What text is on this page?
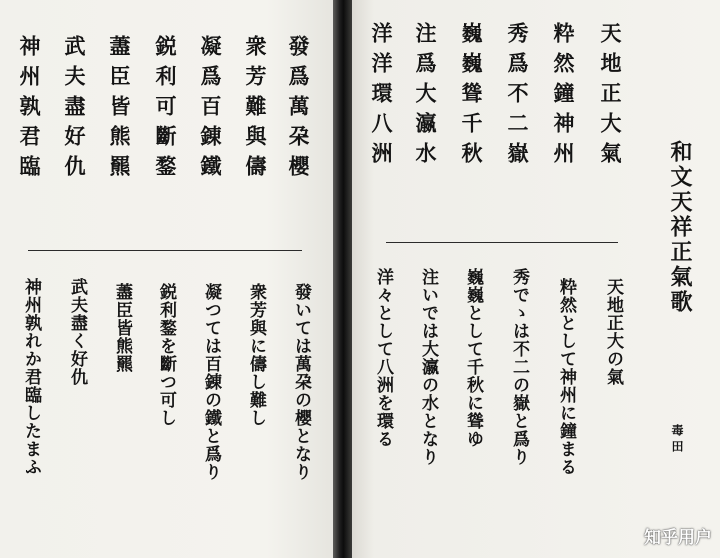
和文天祥正氣歌
毒田
天地正大氣
粋然鐘神州
秀爲不二嶽
巍巍聳千秋
注爲大瀛水
洋洋環八洲
天地正大の氣
粋然として神州に鐘まる
秀でゝは不二の嶽と爲り
巍巍として千秋に聳ゆ
注いでは大瀛の水となり
洋々として八洲を環る
發爲萬朶櫻
衆芳難與儔
凝爲百錬鐵
鋭利可斷鍪
藎臣皆熊羆
武夫盡好仇
神州孰君臨
發いては萬朶の櫻となり
衆芳與に儔し難し
凝つては百錬の鐵と爲り
鋭利鍪を斷つ可し
藎臣皆熊羆
武夫盡く好仇
神州孰れか君臨したまふ
知乎用户
